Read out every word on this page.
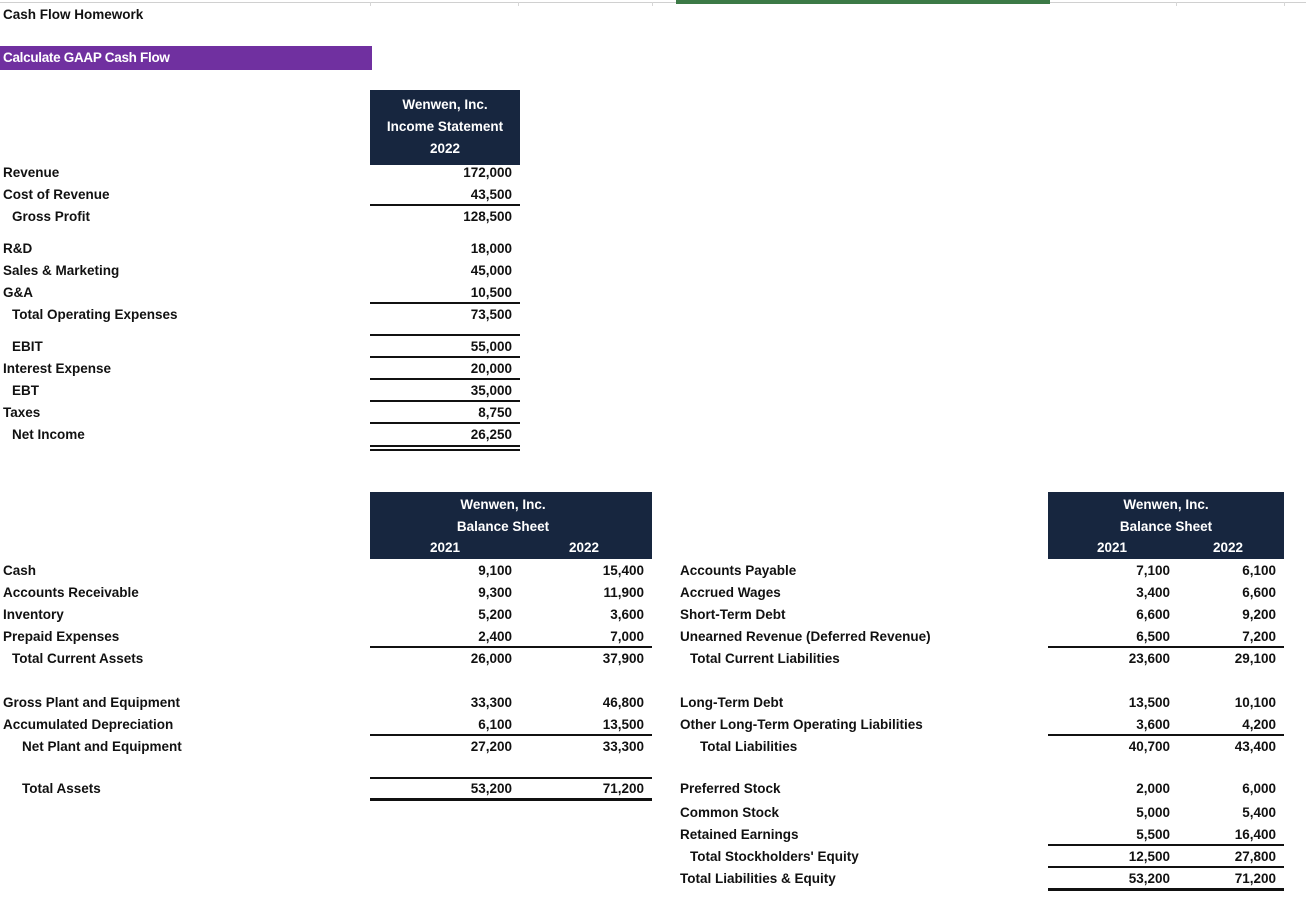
Cash Flow Homework
Calculate GAAP Cash Flow
Wenwen, Inc.
Income Statement
2022
Revenue	172,000
Cost of Revenue	43,500
Gross Profit	128,500
R&D	18,000
Sales & Marketing	45,000
G&A	10,500
Total Operating Expenses	73,500
EBIT	55,000
Interest Expense	20,000
EBT	35,000
Taxes	8,750
Net Income	26,250
Wenwen, Inc.
Balance Sheet
2021	2022
Cash	9,100	15,400
Accounts Receivable	9,300	11,900
Inventory	5,200	3,600
Prepaid Expenses	2,400	7,000
Total Current Assets	26,000	37,900
Gross Plant and Equipment	33,300	46,800
Accumulated Depreciation	6,100	13,500
Net Plant and Equipment	27,200	33,300
Total Assets	53,200	71,200
Wenwen, Inc.
Balance Sheet
2021	2022
Accounts Payable	7,100	6,100
Accrued Wages	3,400	6,600
Short-Term Debt	6,600	9,200
Unearned Revenue (Deferred Revenue)	6,500	7,200
Total Current Liabilities	23,600	29,100
Long-Term Debt	13,500	10,100
Other Long-Term Operating Liabilities	3,600	4,200
Total Liabilities	40,700	43,400
Preferred Stock	2,000	6,000
Common Stock	5,000	5,400
Retained Earnings	5,500	16,400
Total Stockholders' Equity	12,500	27,800
Total Liabilities & Equity	53,200	71,200
